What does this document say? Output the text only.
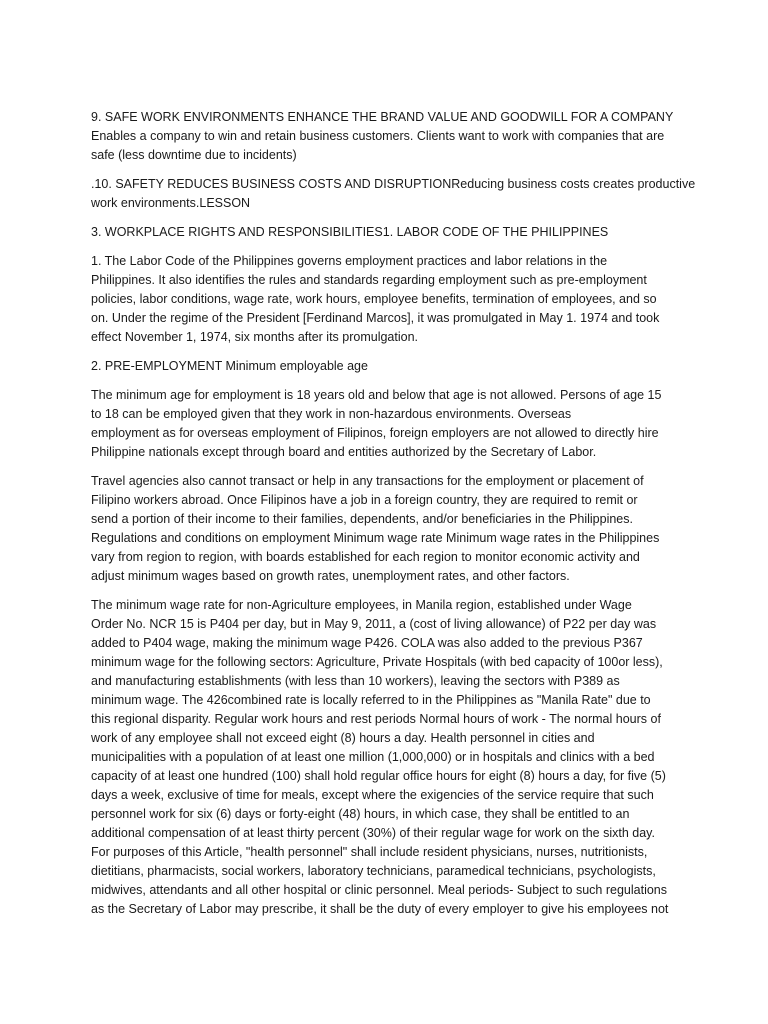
9. SAFE WORK ENVIRONMENTS ENHANCE THE BRAND VALUE AND GOODWILL FOR A COMPANY
Enables a company to win and retain business customers. Clients want to work with companies that are
safe (less downtime due to incidents)

.10. SAFETY REDUCES BUSINESS COSTS AND DISRUPTIONReducing business costs creates productive
work environments.LESSON

3. WORKPLACE RIGHTS AND RESPONSIBILITIES1. LABOR CODE OF THE PHILIPPINES

1. The Labor Code of the Philippines governs employment practices and labor relations in the
Philippines. It also identifies the rules and standards regarding employment such as pre-employment
policies, labor conditions, wage rate, work hours, employee benefits, termination of employees, and so
on. Under the regime of the President [Ferdinand Marcos], it was promulgated in May 1. 1974 and took
effect November 1, 1974, six months after its promulgation.

2. PRE-EMPLOYMENT Minimum employable age

The minimum age for employment is 18 years old and below that age is not allowed. Persons of age 15
to 18 can be employed given that they work in non-hazardous environments. Overseas
employment as for overseas employment of Filipinos, foreign employers are not allowed to directly hire
Philippine nationals except through board and entities authorized by the Secretary of Labor.

Travel agencies also cannot transact or help in any transactions for the employment or placement of
Filipino workers abroad. Once Filipinos have a job in a foreign country, they are required to remit or
send a portion of their income to their families, dependents, and/or beneficiaries in the Philippines.
Regulations and conditions on employment Minimum wage rate Minimum wage rates in the Philippines
vary from region to region, with boards established for each region to monitor economic activity and
adjust minimum wages based on growth rates, unemployment rates, and other factors.

The minimum wage rate for non-Agriculture employees, in Manila region, established under Wage
Order No. NCR 15 is P404 per day, but in May 9, 2011, a (cost of living allowance) of P22 per day was
added to P404 wage, making the minimum wage P426. COLA was also added to the previous P367
minimum wage for the following sectors: Agriculture, Private Hospitals (with bed capacity of 100or less),
and manufacturing establishments (with less than 10 workers), leaving the sectors with P389 as
minimum wage. The 426combined rate is locally referred to in the Philippines as "Manila Rate" due to
this regional disparity. Regular work hours and rest periods Normal hours of work - The normal hours of
work of any employee shall not exceed eight (8) hours a day. Health personnel in cities and
municipalities with a population of at least one million (1,000,000) or in hospitals and clinics with a bed
capacity of at least one hundred (100) shall hold regular office hours for eight (8) hours a day, for five (5)
days a week, exclusive of time for meals, except where the exigencies of the service require that such
personnel work for six (6) days or forty-eight (48) hours, in which case, they shall be entitled to an
additional compensation of at least thirty percent (30%) of their regular wage for work on the sixth day.
For purposes of this Article, "health personnel" shall include resident physicians, nurses, nutritionists,
dietitians, pharmacists, social workers, laboratory technicians, paramedical technicians, psychologists,
midwives, attendants and all other hospital or clinic personnel. Meal periods- Subject to such regulations
as the Secretary of Labor may prescribe, it shall be the duty of every employer to give his employees not
